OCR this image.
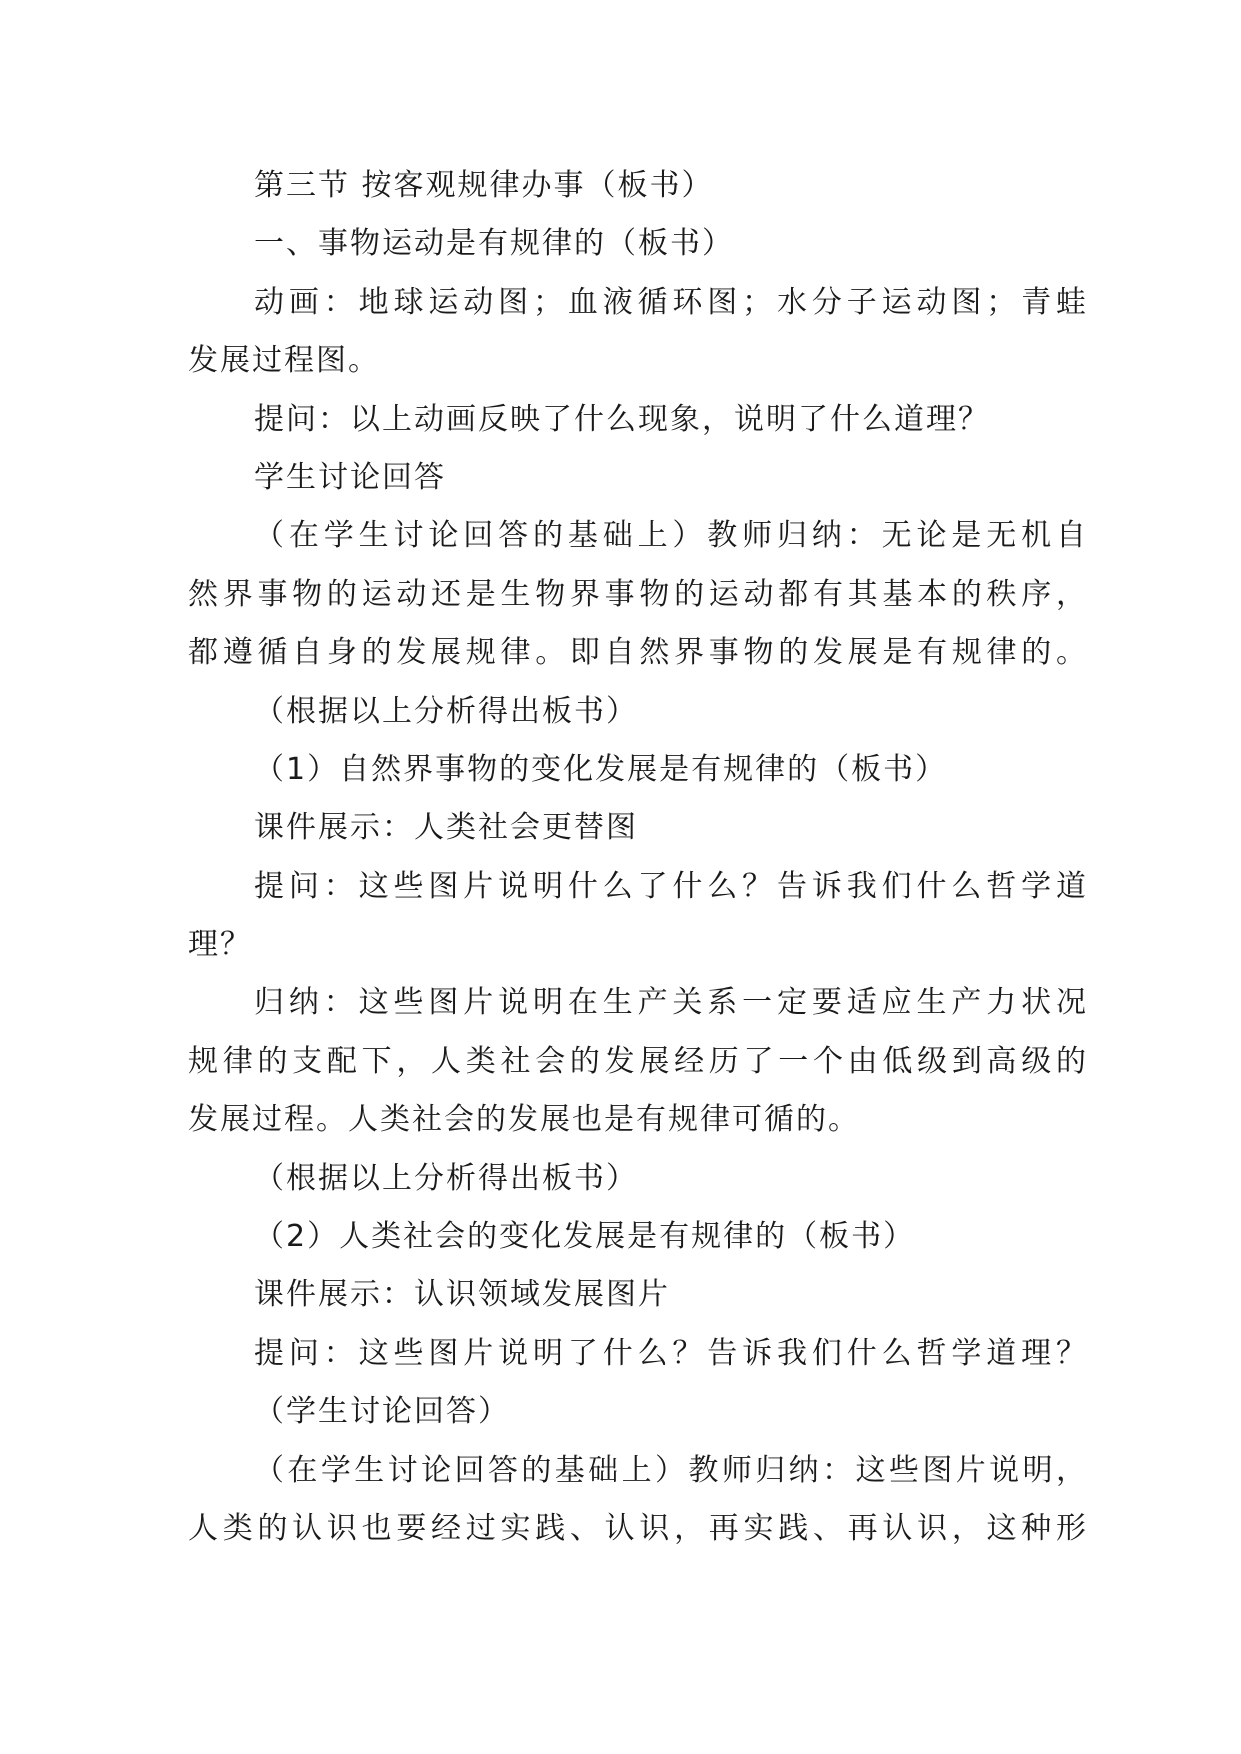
第三节 按客观规律办事（板书）

一、事物运动是有规律的（板书）

动画：地球运动图；血液循环图；水分子运动图；青蛙

发展过程图。

提问：以上动画反映了什么现象，说明了什么道理？

学生讨论回答

（在学生讨论回答的基础上）教师归纳：无论是无机自

然界事物的运动还是生物界事物的运动都有其基本的秩序，

都遵循自身的发展规律。即自然界事物的发展是有规律的。

（根据以上分析得出板书）

（1）自然界事物的变化发展是有规律的（板书）

课件展示：人类社会更替图

提问：这些图片说明什么了什么？告诉我们什么哲学道

理？

归纳：这些图片说明在生产关系一定要适应生产力状况

规律的支配下，人类社会的发展经历了一个由低级到高级的

发展过程。人类社会的发展也是有规律可循的。

（根据以上分析得出板书）

（2）人类社会的变化发展是有规律的（板书）

课件展示：认识领域发展图片

提问：这些图片说明了什么？告诉我们什么哲学道理？

（学生讨论回答）

（在学生讨论回答的基础上）教师归纳：这些图片说明，

人类的认识也要经过实践、认识，再实践、再认识，这种形
